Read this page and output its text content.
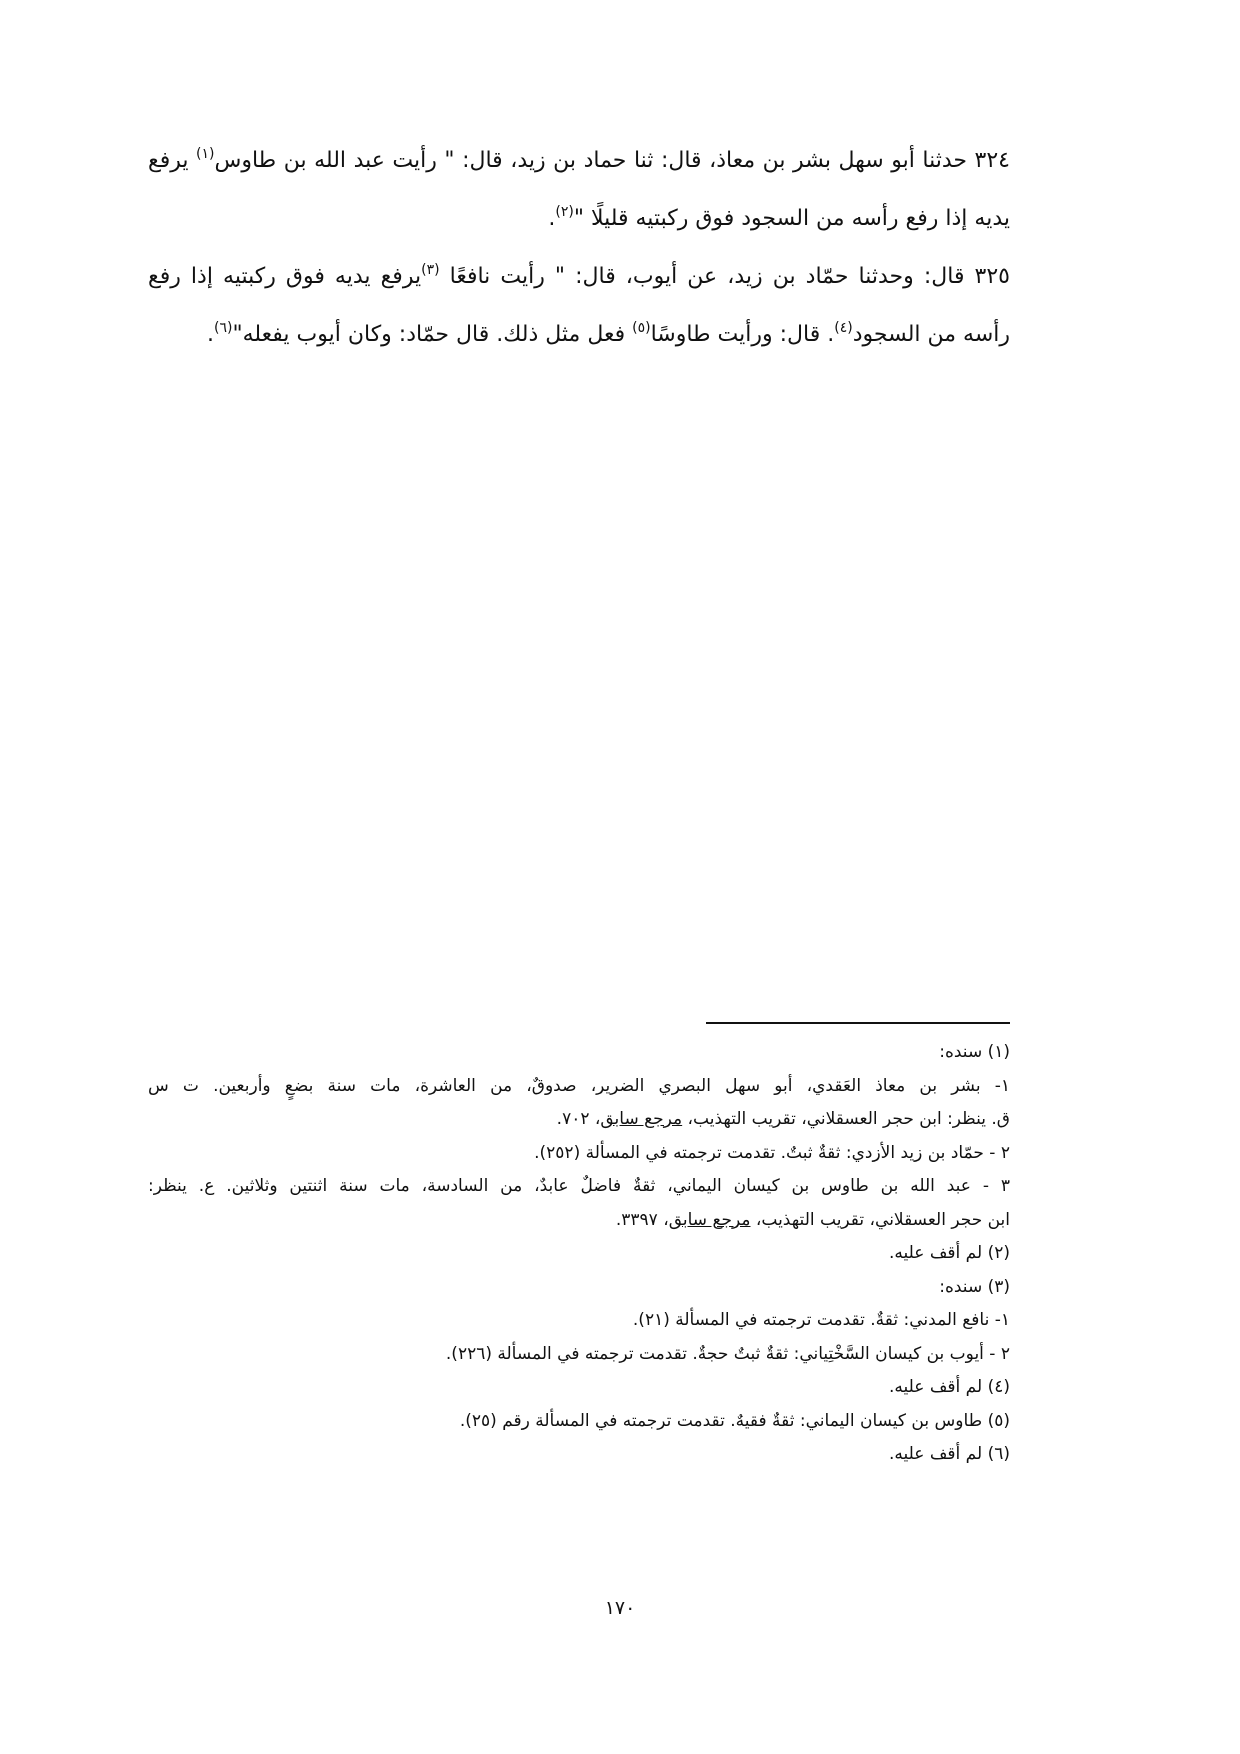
٣٢٤ حدثنا أبو سهل بشر بن معاذ، قال: ثنا حماد بن زيد، قال: " رأيت عبد الله بن طاوس$^{(١)}$ يرفع يديه إذا رفع رأسه من السجود فوق ركبتيه قليلًا "$^{(٢)}$.

٣٢٥ قال: وحدثنا حمّاد بن زيد، عن أيوب، قال: " رأيت نافعًا $^{(٣)}$يرفع يديه فوق ركبتيه إذا رفع رأسه من السجود$^{(٤)}$. قال: ورأيت طاوسًا$^{(٥)}$ فعل مثل ذلك. قال حمّاد: وكان أيوب يفعله"$^{(٦)}$.

(١) سنده:
١- بشر بن معاذ العَقدي، أبو سهل البصري الضرير، صدوقٌ، من العاشرة، مات سنة بضعٍ وأربعين. ت س
ق. ينظر: ابن حجر العسقلاني، تقريب التهذيب، مرجع سابق، ٧٠٢.
٢ - حمّاد بن زيد الأزدي: ثقةٌ ثبتٌ. تقدمت ترجمته في المسألة (٢٥٢).
٣ - عبد الله بن طاوس بن كيسان اليماني، ثقةٌ فاضلٌ عابدٌ، من السادسة، مات سنة اثنتين وثلاثين. ع. ينظر:
ابن حجر العسقلاني، تقريب التهذيب، مرجع سابق، ٣٣٩٧.
(٢) لم أقف عليه.
(٣) سنده:
١- نافع المدني: ثقةٌ. تقدمت ترجمته في المسألة (٢١).
٢ - أيوب بن كيسان السَّخْتِياني: ثقةٌ ثبتٌ حجةٌ. تقدمت ترجمته في المسألة (٢٢٦).
(٤) لم أقف عليه.
(٥) طاوس بن كيسان اليماني: ثقةٌ فقيهٌ. تقدمت ترجمته في المسألة رقم (٢٥).
(٦) لم أقف عليه.
١٧٠
